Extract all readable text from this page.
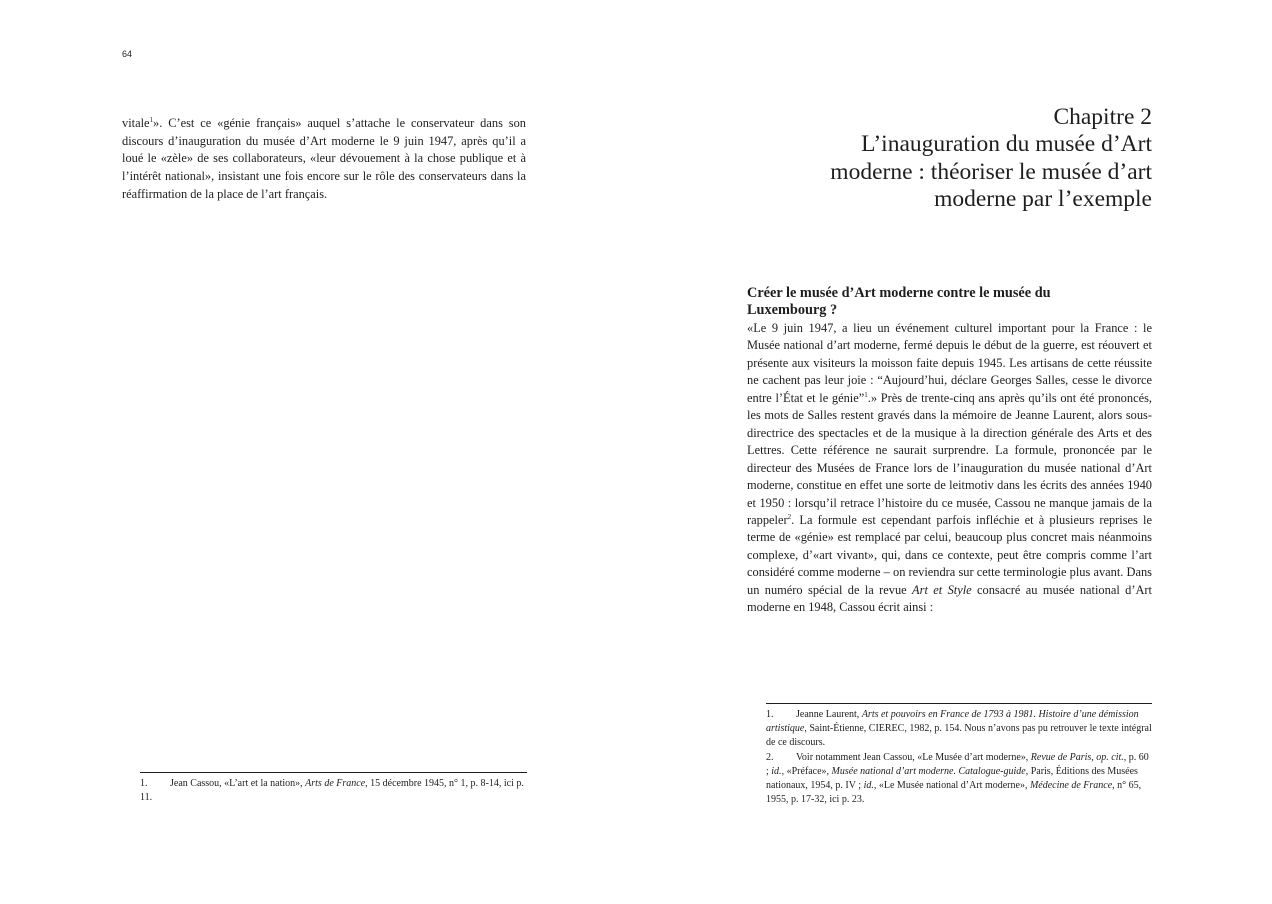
64

vitale$^1$». C’est ce «génie français» auquel s’attache le conservateur dans son discours d’inauguration du musée d’Art moderne le 9 juin 1947, après qu’il a loué le «zèle» de ses collaborateurs, «leur dévouement à la chose publique et à l’intérêt national», insistant une fois encore sur le rôle des conservateurs dans la réaffirmation de la place de l’art français.

1. Jean Cassou, «L’art et la nation», Arts de France, 15 décembre 1945, n° 1, p. 8-14, ici p. 11.

Chapitre 2
L’inauguration du musée d’Art
moderne : théoriser le musée d’art
moderne par l’exemple
Créer le musée d’Art moderne contre le musée du Luxembourg ?

«Le 9 juin 1947, a lieu un événement culturel important pour la France : le Musée national d’art moderne, fermé depuis le début de la guerre, est réouvert et présente aux visiteurs la moisson faite depuis 1945. Les artisans de cette réussite ne cachent pas leur joie : “Aujourd’hui, déclare Georges Salles, cesse le divorce entre l’État et le génie”$^1$.» Près de trente-cinq ans après qu’ils ont été prononcés, les mots de Salles restent gravés dans la mémoire de Jeanne Laurent, alors sous-directrice des spectacles et de la musique à la direction générale des Arts et des Lettres. Cette référence ne saurait surprendre. La formule, prononcée par le directeur des Musées de France lors de l’inauguration du musée national d’Art moderne, constitue en effet une sorte de leitmotiv dans les écrits des années 1940 et 1950 : lorsqu’il retrace l’histoire du ce musée, Cassou ne manque jamais de la rappeler$^2$. La formule est cependant parfois infléchie et à plusieurs reprises le terme de «génie» est remplacé par celui, beaucoup plus concret mais néanmoins complexe, d’«art vivant», qui, dans ce contexte, peut être compris comme l’art considéré comme moderne – on reviendra sur cette terminologie plus avant. Dans un numéro spécial de la revue Art et Style consacré au musée national d’Art moderne en 1948, Cassou écrit ainsi :

1. Jeanne Laurent, Arts et pouvoirs en France de 1793 à 1981. Histoire d’une démission artistique, Saint-Étienne, CIEREC, 1982, p. 154. Nous n’avons pas pu retrouver le texte intégral de ce discours.

2. Voir notamment Jean Cassou, «Le Musée d’art moderne», Revue de Paris, op. cit., p. 60 ; id., «Préface», Musée national d’art moderne. Catalogue-guide, Paris, Éditions des Musées nationaux, 1954, p. IV ; id., «Le Musée national d’Art moderne», Médecine de France, n° 65, 1955, p. 17-32, ici p. 23.
